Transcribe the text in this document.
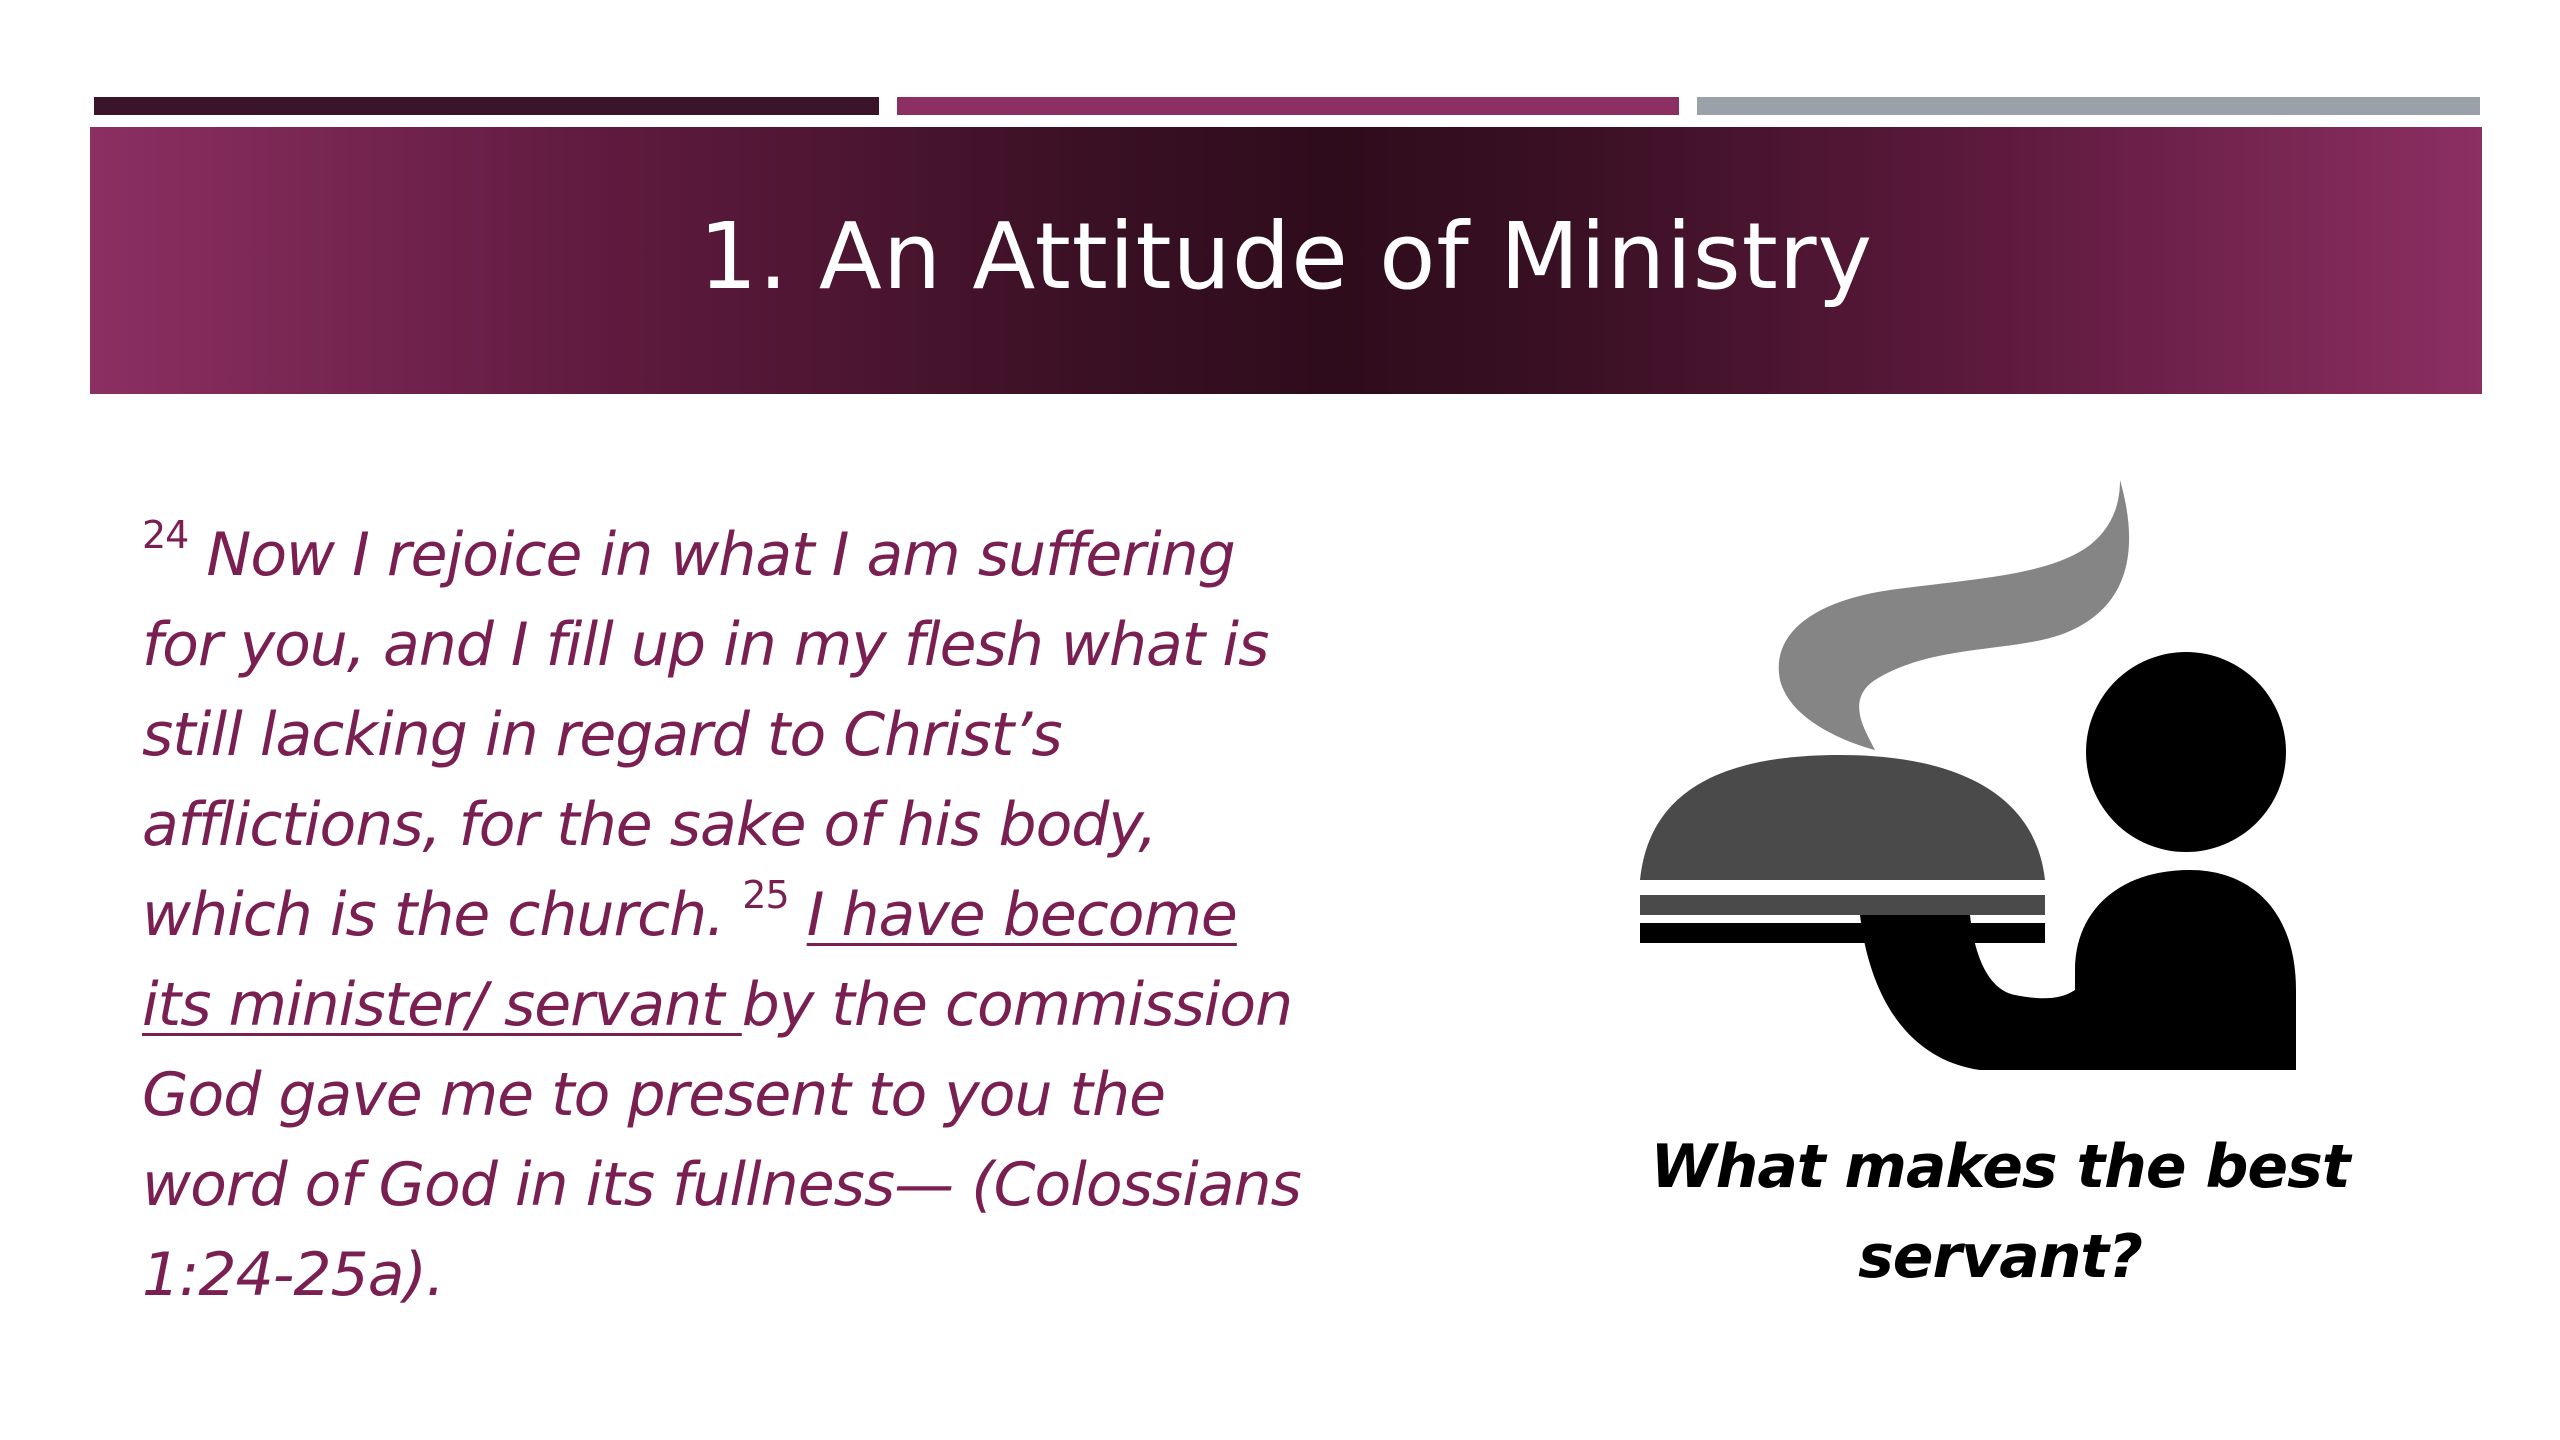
1. An Attitude of Ministry
$^{24}$ Now I rejoice in what I am suffering for you, and I fill up in my flesh what is still lacking in regard to Christ’s afflictions, for the sake of his body, which is the church. $^{25}$ I have become its minister/ servant by the commission God gave me to present to you the word of God in its fullness— (Colossians 1:24-25a).
What makes the best servant?
